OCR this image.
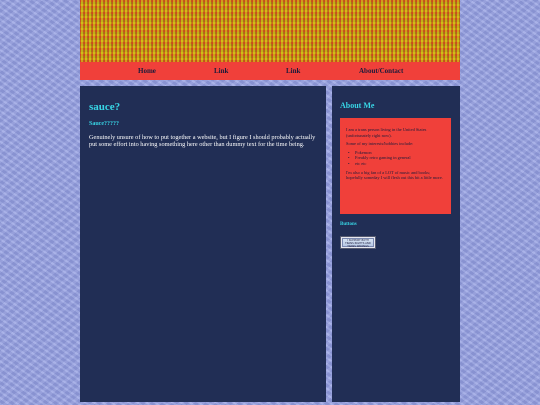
Home	Link	Link	About/Contact
sauce?
Sauce?????

Genuinely unsure of how to put together a website, but I figure I should probably actually put some effort into having something here other than dummy text for the time being.

About Me

I am a trans person living in the United States (unfortunately right now).

Some of my interests/hobbies include:

• Pokemon
• Freakly retro gaming in general
• etc etc

I'm also a big fan of a LOT of music and books; hopefully someday I will flesh out this bit a little more.

Buttons
I SUPPORT BOTH TRANS RIGHTS AND TRANS WRONGS
